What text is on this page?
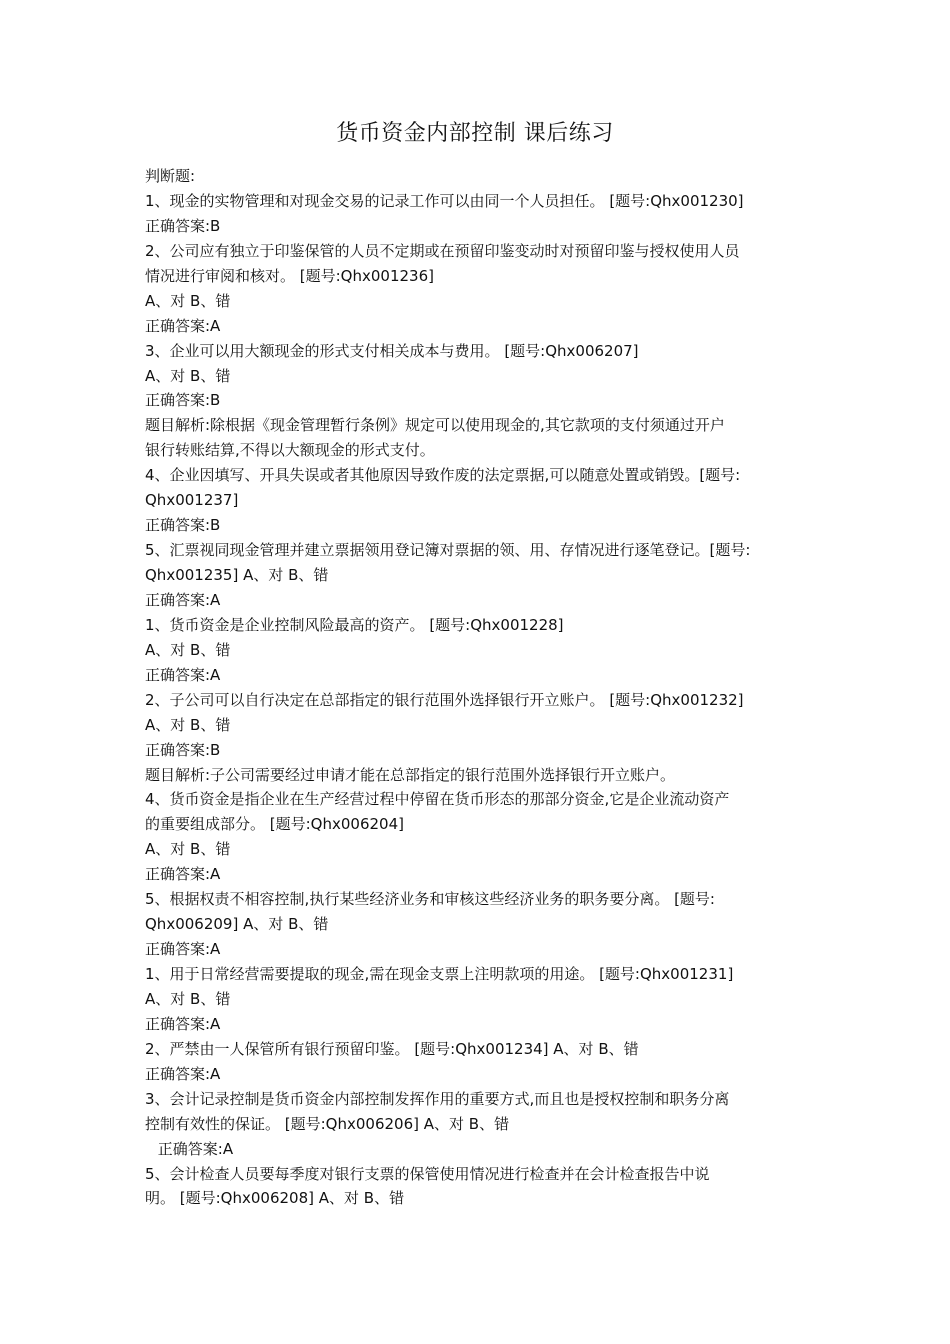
货币资金内部控制 课后练习
判断题:
1、现金的实物管理和对现金交易的记录工作可以由同一个人员担任。 [题号:Qhx001230]
正确答案:B
2、公司应有独立于印鉴保管的人员不定期或在预留印鉴变动时对预留印鉴与授权使用人员
情况进行审阅和核对。 [题号:Qhx001236]
A、对 B、错
正确答案:A
3、企业可以用大额现金的形式支付相关成本与费用。 [题号:Qhx006207]
A、对 B、错
正确答案:B
题目解析:除根据《现金管理暂行条例》规定可以使用现金的,其它款项的支付须通过开户
银行转账结算,不得以大额现金的形式支付。
4、企业因填写、开具失误或者其他原因导致作废的法定票据,可以随意处置或销毁。[题号:
Qhx001237]
正确答案:B
5、汇票视同现金管理并建立票据领用登记簿对票据的领、用、存情况进行逐笔登记。[题号:
Qhx001235] A、对 B、错
正确答案:A
1、货币资金是企业控制风险最高的资产。 [题号:Qhx001228]
A、对 B、错
正确答案:A
2、子公司可以自行决定在总部指定的银行范围外选择银行开立账户。 [题号:Qhx001232]
A、对 B、错
正确答案:B
题目解析:子公司需要经过申请才能在总部指定的银行范围外选择银行开立账户。
4、货币资金是指企业在生产经营过程中停留在货币形态的那部分资金,它是企业流动资产
的重要组成部分。 [题号:Qhx006204]
A、对 B、错
正确答案:A
5、根据权责不相容控制,执行某些经济业务和审核这些经济业务的职务要分离。 [题号:
Qhx006209] A、对 B、错
正确答案:A
1、用于日常经营需要提取的现金,需在现金支票上注明款项的用途。 [题号:Qhx001231]
A、对 B、错
正确答案:A
2、严禁由一人保管所有银行预留印鉴。 [题号:Qhx001234] A、对 B、错
正确答案:A
3、会计记录控制是货币资金内部控制发挥作用的重要方式,而且也是授权控制和职务分离
控制有效性的保证。 [题号:Qhx006206] A、对 B、错
正确答案:A
5、会计检查人员要每季度对银行支票的保管使用情况进行检查并在会计检查报告中说
明。 [题号:Qhx006208] A、对 B、错
